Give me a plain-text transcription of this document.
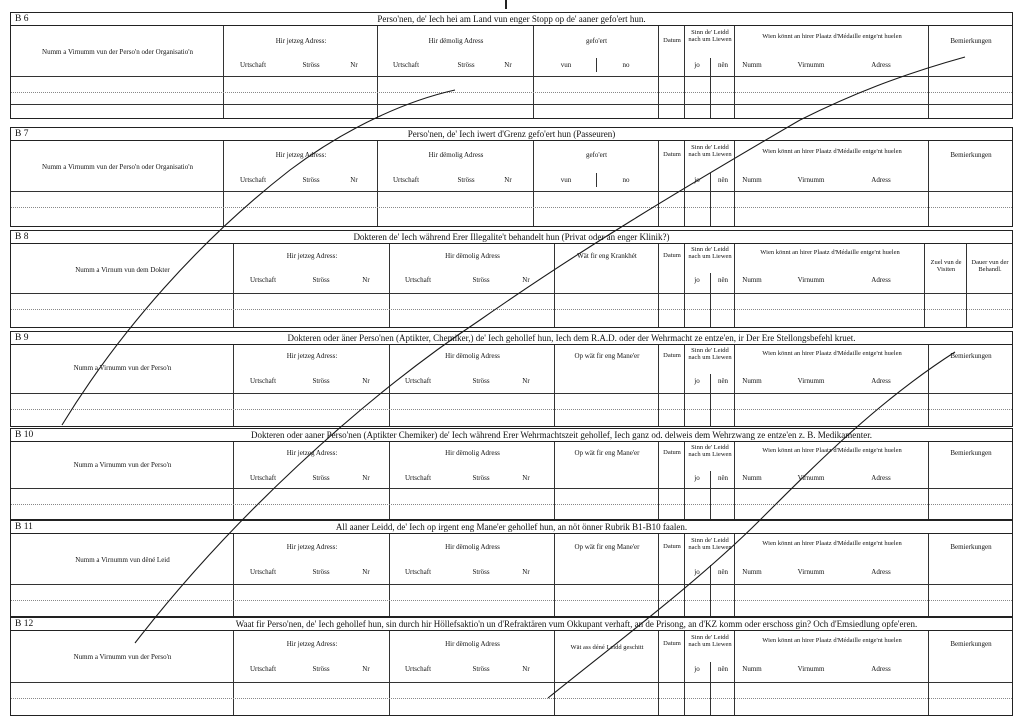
B 6	Perso'nen, de' Iech hei am Land vun enger Stopp op de' aaner gefo'ert hun.
Numm a Virnumm vun der Perso'n oder Organisatio'n
Hir jetzeg Adress:
Urtschaft	Ströss	Nr
Hir dëmolig Adress
Urtschaft	Ströss	Nr
gefo'ert
vun	no
Datum
Sinn de' Leidd nach um Liewen
jo	nën
Wien könnt an hirer Plaatz d'Médaille entge'nt huelen
Numm	Virnumm	Adress
Bemierkungen
B 7	Perso'nen, de' Iech iwert d'Grenz gefo'ert hun (Passeuren)
Numm a Virnumm vun der Perso'n oder Organisatio'n
Hir jetzeg Adress:
Urtschaft	Ströss	Nr
Hir dëmolig Adress
Urtschaft	Ströss	Nr
gefo'ert
vun	no
Datum
Sinn de' Leidd nach um Liewen
jo	nën
Wien könnt an hirer Plaatz d'Médaille entge'nt huelen
Numm	Virnumm	Adress
Bemierkungen
B 8	Dokteren de' Iech während Erer Illegalite't behandelt hun (Privat oder an enger Klinik?)
Numm a Virnum vun dem Dokter
Hir jetzeg Adress:
Urtschaft	Ströss	Nr
Hir dëmolig Adress
Urtschaft	Ströss	Nr
Wät fir eng Krankhét	Datum
Sinn de' Leidd nach um Liewen
jo	nën
Wien könnt an hirer Plaatz d'Médaille entge'nt huelen
Numm	Virnumm	Adress
Zuel vun de Visiten
Dauer vun der Behandl.
B 9	Dokteren oder äner Perso'nen (Aptikter, Chemiker,) de' Iech gehollef hun, Iech dem R.A.D. oder der Wehrmacht ze entze'en, ir Der Ere Stellongsbefehl kruet.
Numm a Virnumm vun der Perso'n
Hir jetzeg Adress:
Urtschaft	Ströss	Nr
Hir dëmolig Adress
Urtschaft	Ströss	Nr
Op wät fir eng Mane'er	Datum
Sinn de' Leidd nach um Liewen
jo	nën
Wien könnt an hirer Plaatz d'Médaille entge'nt huelen
Numm	Virnumm	Adress
Bemierkungen
B 10	Dokteren oder aaner Perso'nen (Aptikter Chemiker) de' Iech während Erer Wehrmachtszeit gehollef, Iech ganz od. delweis dem Wehrzwang ze entze'en z. B. Medikamenter.
Numm a Virnumm vun der Perso'n
Hir jetzeg Adress:
Urtschaft	Ströss	Nr
Hir dëmolig Adress
Urtschaft	Ströss	Nr
Op wät fir eng Mane'er	Datum
Sinn de' Leidd nach um Liewen
jo	nën
Wien könnt an hirer Plaatz d'Médaille entge'nt huelen
Numm	Virnumm	Adress
Bemierkungen
B 11	All aaner Leidd, de' Iech op irgent eng Mane'er gehollef hun, an nöt önner Rubrik B1-B10 faalen.
Numm a Virnumm vun dëné Leid
Hir jetzeg Adress:
Urtschaft	Ströss	Nr
Hir dëmolig Adress
Urtschaft	Ströss	Nr
Op wät fir eng Mane'er	Datum
Sinn de' Leidd nach um Liewen
jo	nën
Wien könnt an hirer Plaatz d'Médaille entge'nt huelen
Numm	Virnumm	Adress
Bemierkungen
B 12	Waat fir Perso'nen, de' Iech gehollef hun, sin durch hir Höllefsaktio'n un d'Refraktären vum Okkupant verhaft, an de Prisong, an d'KZ komm oder erschoss gin? Och d'Emsiedlung opfe'eren.
Numm a Virnumm vun der Perso'n
Hir jetzeg Adress:
Urtschaft	Ströss	Nr
Hir dëmolig Adress
Urtschaft	Ströss	Nr
Wät ass déné Leidd geschitt
Datum
Sinn de' Leidd nach um Liewen
jo	nën
Wien könnt an hirer Plaatz d'Médaille entge'nt huelen
Numm	Virnumm	Adress
Bemierkungen
